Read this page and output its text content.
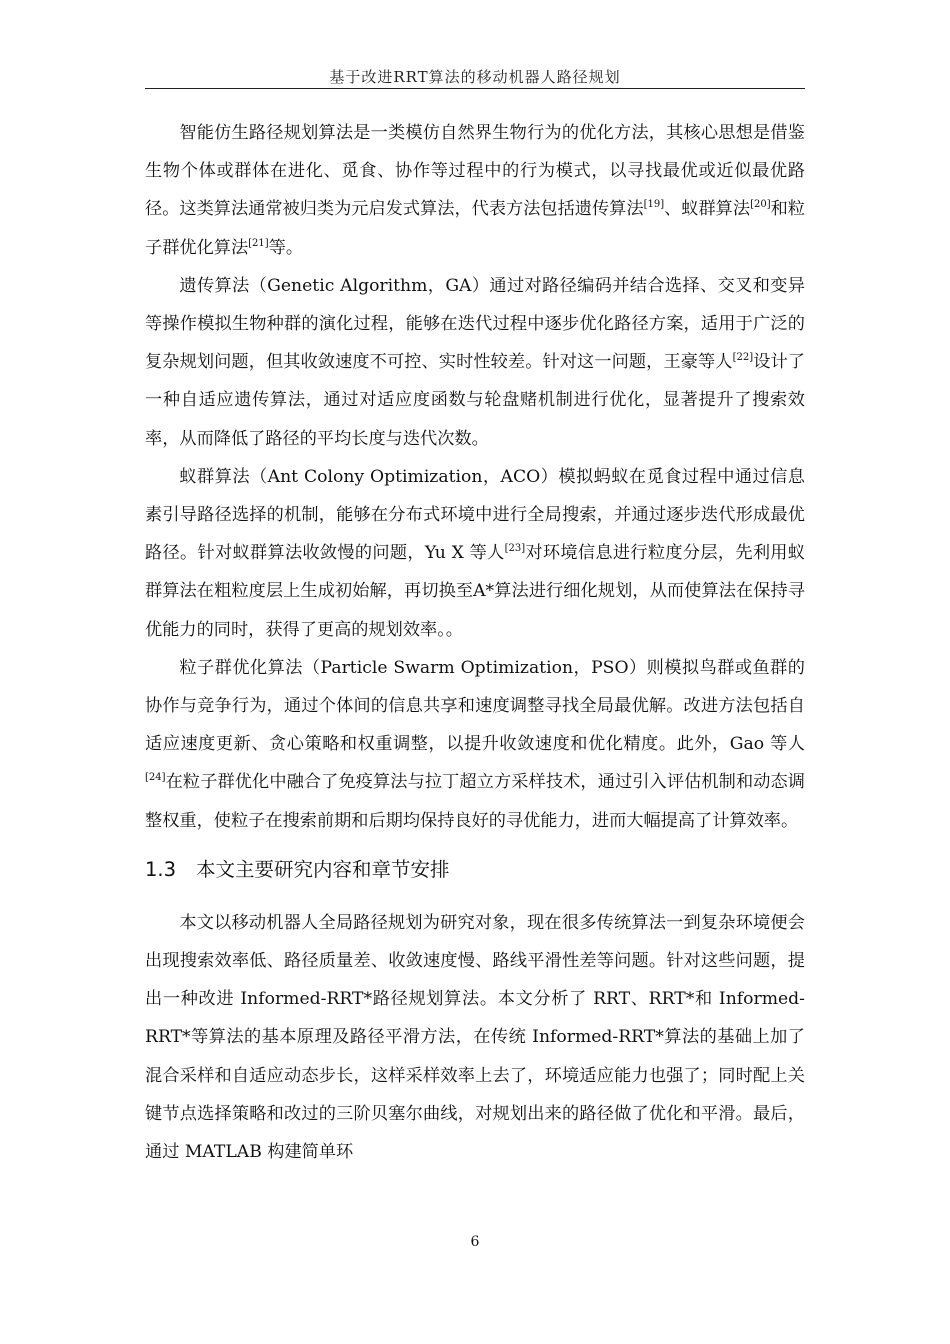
基于改进RRT算法的移动机器人路径规划

智能仿生路径规划算法是一类模仿自然界生物行为的优化方法，其核心思想是借鉴生物个体或群体在进化、觅食、协作等过程中的行为模式，以寻找最优或近似最优路径。这类算法通常被归类为元启发式算法，代表方法包括遗传算法[19]、蚁群算法[20]和粒子群优化算法[21]等。

遗传算法（Genetic Algorithm，GA）通过对路径编码并结合选择、交叉和变异等操作模拟生物种群的演化过程，能够在迭代过程中逐步优化路径方案，适用于广泛的复杂规划问题，但其收敛速度不可控、实时性较差。针对这一问题，王豪等人[22]设计了一种自适应遗传算法，通过对适应度函数与轮盘赌机制进行优化，显著提升了搜索效率，从而降低了路径的平均长度与迭代次数。

蚁群算法（Ant Colony Optimization，ACO）模拟蚂蚁在觅食过程中通过信息素引导路径选择的机制，能够在分布式环境中进行全局搜索，并通过逐步迭代形成最优路径。针对蚁群算法收敛慢的问题，Yu X 等人[23]对环境信息进行粒度分层，先利用蚁群算法在粗粒度层上生成初始解，再切换至A*算法进行细化规划，从而使算法在保持寻优能力的同时，获得了更高的规划效率。。

粒子群优化算法（Particle Swarm Optimization，PSO）则模拟鸟群或鱼群的协作与竞争行为，通过个体间的信息共享和速度调整寻找全局最优解。改进方法包括自适应速度更新、贪心策略和权重调整，以提升收敛速度和优化精度。此外，Gao 等人[24]在粒子群优化中融合了免疫算法与拉丁超立方采样技术，通过引入评估机制和动态调整权重，使粒子在搜索前期和后期均保持良好的寻优能力，进而大幅提高了计算效率。

1.3 本文主要研究内容和章节安排

本文以移动机器人全局路径规划为研究对象，现在很多传统算法一到复杂环境便会出现搜索效率低、路径质量差、收敛速度慢、路线平滑性差等问题。针对这些问题，提出一种改进 Informed-RRT*路径规划算法。本文分析了 RRT、RRT*和 Informed-RRT*等算法的基本原理及路径平滑方法，在传统 Informed-RRT*算法的基础上加了混合采样和自适应动态步长，这样采样效率上去了，环境适应能力也强了；同时配上关键节点选择策略和改过的三阶贝塞尔曲线，对规划出来的路径做了优化和平滑。最后，通过 MATLAB 构建简单环

6
